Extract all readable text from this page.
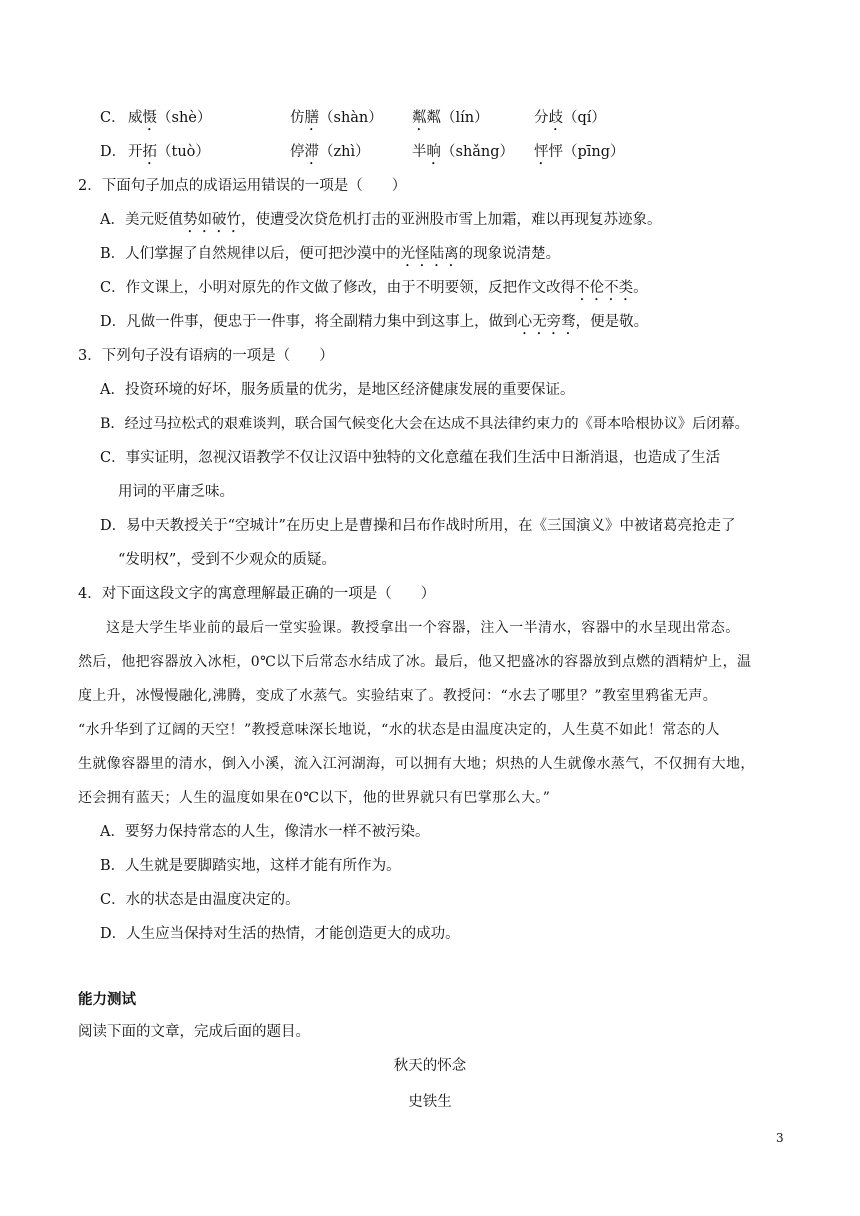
C． 威慑（shè）	仿膳（shàn） 粼粼（lín）	分歧（qí）
D． 开拓（tuò）	停滞（zhì）	半晌（shǎng） 怦怦（pīng）
2．下面句子加点的成语运用错误的一项是（　　）
A．美元贬值势如破竹，使遭受次贷危机打击的亚洲股市雪上加霜，难以再现复苏迹象。
B．人们掌握了自然规律以后，便可把沙漠中的光怪陆离的现象说清楚。
C．作文课上，小明对原先的作文做了修改，由于不明要领，反把作文改得不伦不类。
D．凡做一件事，便忠于一件事，将全副精力集中到这事上，做到心无旁骛，便是敬。
3．下列句子没有语病的一项是（　　）
A．投资环境的好坏，服务质量的优劣，是地区经济健康发展的重要保证。
B．经过马拉松式的艰难谈判，联合国气候变化大会在达成不具法律约束力的《哥本哈根协议》后闭幕。
C．事实证明，忽视汉语教学不仅让汉语中独特的文化意蕴在我们生活中日渐消退，也造成了生活
用词的平庸乏味。
D．易中天教授关于“空城计”在历史上是曹操和吕布作战时所用，在《三国演义》中被诸葛亮抢走了
“发明权”，受到不少观众的质疑。
4．对下面这段文字的寓意理解最正确的一项是（　　）
这是大学生毕业前的最后一堂实验课。教授拿出一个容器，注入一半清水，容器中的水呈现出常态。
然后，他把容器放入冰柜，0℃以下后常态水结成了冰。最后，他又把盛冰的容器放到点燃的酒精炉上，温
度上升，冰慢慢融化,沸腾，变成了水蒸气。实验结束了。教授问：“水去了哪里？”教室里鸦雀无声。
“水升华到了辽阔的天空！”教授意味深长地说，“水的状态是由温度决定的，人生莫不如此！常态的人
生就像容器里的清水，倒入小溪，流入江河湖海，可以拥有大地；炽热的人生就像水蒸气，不仅拥有大地，
还会拥有蓝天；人生的温度如果在0℃以下，他的世界就只有巴掌那么大。”
A．要努力保持常态的人生，像清水一样不被污染。
B．人生就是要脚踏实地，这样才能有所作为。
C．水的状态是由温度决定的。
D．人生应当保持对生活的热情，才能创造更大的成功。
能力测试
阅读下面的文章，完成后面的题目。
秋天的怀念
史铁生
3
